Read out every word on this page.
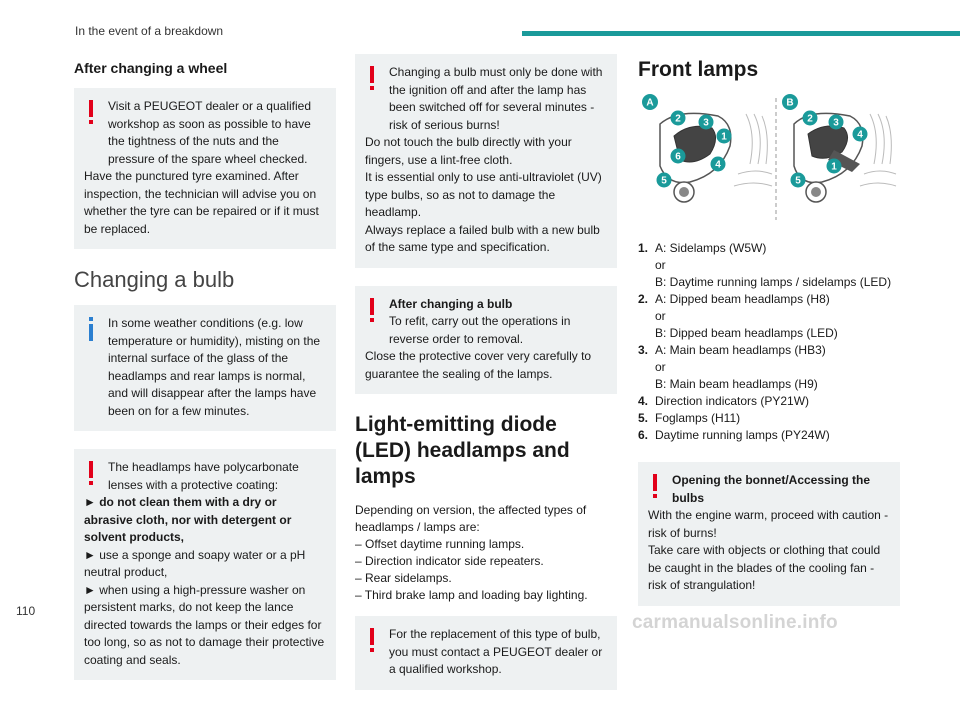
In the event of a breakdown
After changing a wheel
Visit a PEUGEOT dealer or a qualified workshop as soon as possible to have the tightness of the nuts and the pressure of the spare wheel checked.

Have the punctured tyre examined. After inspection, the technician will advise you on whether the tyre can be repaired or if it must be replaced.

Changing a bulb
In some weather conditions (e.g. low temperature or humidity), misting on the internal surface of the glass of the headlamps and rear lamps is normal, and will disappear after the lamps have been on for a few minutes.
The headlamps have polycarbonate lenses with a protective coating:

► do not clean them with a dry or abrasive cloth, nor with detergent or solvent products,

► use a sponge and soapy water or a pH neutral product,

► when using a high-pressure washer on persistent marks, do not keep the lance directed towards the lamps or their edges for too long, so as not to damage their protective coating and seals.

Changing a bulb must only be done with the ignition off and after the lamp has been switched off for several minutes - risk of serious burns!

Do not touch the bulb directly with your fingers, use a lint-free cloth.

It is essential only to use anti-ultraviolet (UV) type bulbs, so as not to damage the headlamp.

Always replace a failed bulb with a new bulb of the same type and specification.

After changing a bulb
To refit, carry out the operations in reverse order to removal.

Close the protective cover very carefully to guarantee the sealing of the lamps.

Light-emitting diode (LED) headlamps and lamps

Depending on version, the affected types of headlamps / lamps are:

– Offset daytime running lamps.

– Direction indicator side repeaters.

– Rear sidelamps.

– Third brake lamp and loading bay lighting.

For the replacement of this type of bulb, you must contact a PEUGEOT dealer or a qualified workshop.
Front lamps
A	B
2 3
1
4
5
6
2 3
4
1
5
1. A: Sidelamps (W5W)
or
B: Daytime running lamps / sidelamps (LED)
2. A: Dipped beam headlamps (H8)
or
B: Dipped beam headlamps (LED)
3. A: Main beam headlamps (HB3)
or
B: Main beam headlamps (H9)
4. Direction indicators (PY21W)
5. Foglamps (H11)
6. Daytime running lamps (PY24W)
Opening the bonnet/Accessing the bulbs

With the engine warm, proceed with caution - risk of burns!

Take care with objects or clothing that could be caught in the blades of the cooling fan - risk of strangulation!

110
carmanualsonline.info
